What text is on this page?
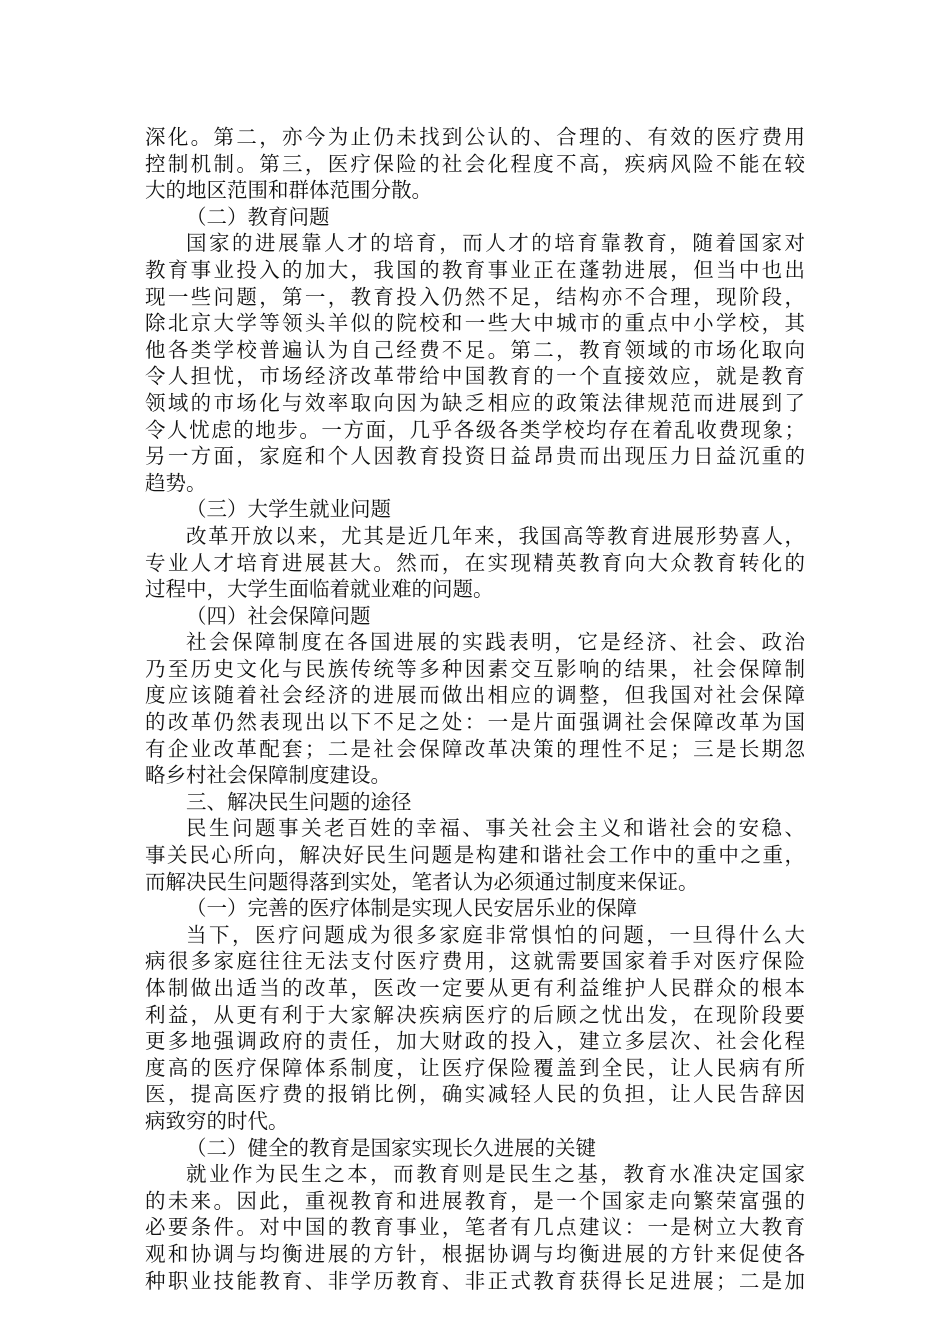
深化。第二，亦今为止仍未找到公认的、合理的、有效的医疗费用
控制机制。第三，医疗保险的社会化程度不高，疾病风险不能在较
大的地区范围和群体范围分散。
（二）教育问题
国家的进展靠人才的培育，而人才的培育靠教育，随着国家对
教育事业投入的加大，我国的教育事业正在蓬勃进展，但当中也出
现一些问题，第一，教育投入仍然不足，结构亦不合理，现阶段，
除北京大学等领头羊似的院校和一些大中城市的重点中小学校，其
他各类学校普遍认为自己经费不足。第二，教育领域的市场化取向
令人担忧，市场经济改革带给中国教育的一个直接效应，就是教育
领域的市场化与效率取向因为缺乏相应的政策法律规范而进展到了
令人忧虑的地步。一方面，几乎各级各类学校均存在着乱收费现象；
另一方面，家庭和个人因教育投资日益昂贵而出现压力日益沉重的
趋势。
（三）大学生就业问题
改革开放以来，尤其是近几年来，我国高等教育进展形势喜人，
专业人才培育进展甚大。然而，在实现精英教育向大众教育转化的
过程中，大学生面临着就业难的问题。
（四）社会保障问题
社会保障制度在各国进展的实践表明，它是经济、社会、政治
乃至历史文化与民族传统等多种因素交互影响的结果，社会保障制
度应该随着社会经济的进展而做出相应的调整，但我国对社会保障
的改革仍然表现出以下不足之处：一是片面强调社会保障改革为国
有企业改革配套；二是社会保障改革决策的理性不足；三是长期忽
略乡村社会保障制度建设。
三、解决民生问题的途径
民生问题事关老百姓的幸福、事关社会主义和谐社会的安稳、
事关民心所向，解决好民生问题是构建和谐社会工作中的重中之重，
而解决民生问题得落到实处，笔者认为必须通过制度来保证。
（一）完善的医疗体制是实现人民安居乐业的保障
当下，医疗问题成为很多家庭非常惧怕的问题，一旦得什么大
病很多家庭往往无法支付医疗费用，这就需要国家着手对医疗保险
体制做出适当的改革，医改一定要从更有利益维护人民群众的根本
利益，从更有利于大家解决疾病医疗的后顾之忧出发，在现阶段要
更多地强调政府的责任，加大财政的投入，建立多层次、社会化程
度高的医疗保障体系制度，让医疗保险覆盖到全民，让人民病有所
医，提高医疗费的报销比例，确实减轻人民的负担，让人民告辞因
病致穷的时代。
（二）健全的教育是国家实现长久进展的关键
就业作为民生之本，而教育则是民生之基，教育水准决定国家
的未来。因此，重视教育和进展教育，是一个国家走向繁荣富强的
必要条件。对中国的教育事业，笔者有几点建议：一是树立大教育
观和协调与均衡进展的方针，根据协调与均衡进展的方针来促使各
种职业技能教育、非学历教育、非正式教育获得长足进展；二是加
